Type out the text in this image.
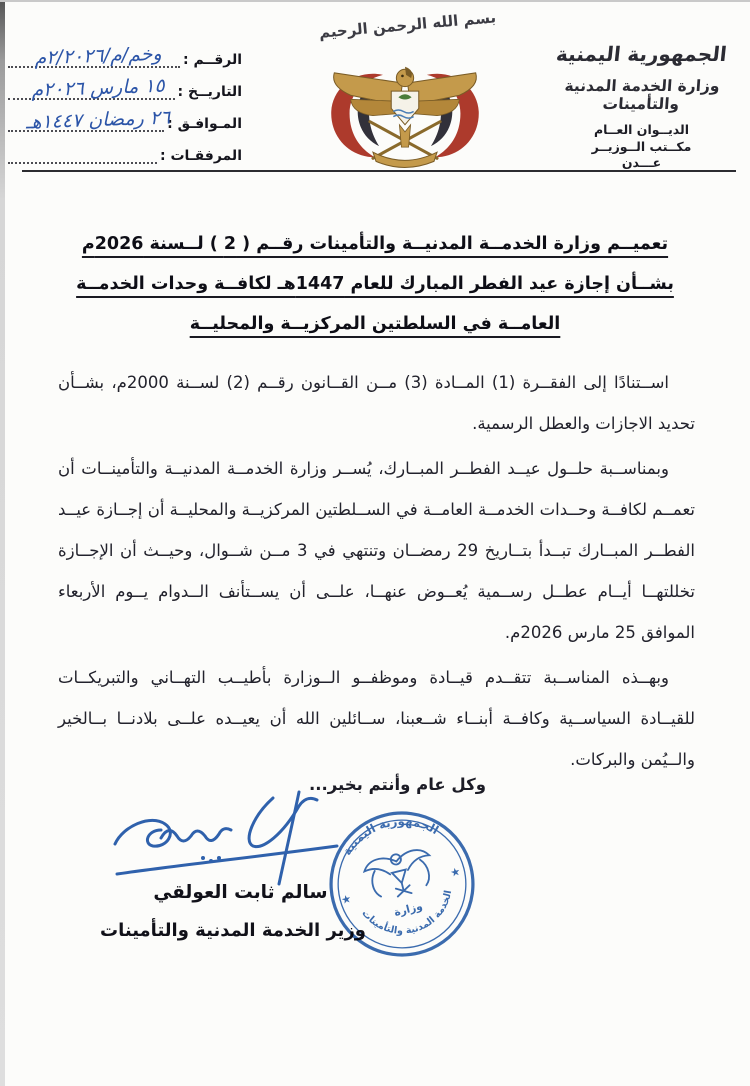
بسم الله الرحمن الرحيم
الجمهورية اليمنية
وزارة الخدمة المدنية والتأمينات
الديــوان العــام
مكــتب الــوزيــر
عـــدن
الرقــم :
وخم/م/٢/٢٠٢٦م
التاريــخ :
١٥ مارس ٢٠٢٦م
المـوافـق :
٢٦ رمضان ١٤٤٧هـ
المرفقـات :
تعميــم وزارة الخدمــة المدنيــة والتأمينات رقــم ( 2 ) لــسنة 2026م
بشــأن إجازة عيد الفطر المبارك للعام 1447هـ لكافــة وحدات الخدمــة
العامــة في السلطتين المركزيــة والمحليــة

اســتنادًا إلى الفقــرة (1) المــادة (3) مــن القــانون رقــم (2) لســنة 2000م، بشــأن تحديد الاجازات والعطل الرسمية.

وبمناســبة حلــول عيــد الفطــر المبــارك، يُســر وزارة الخدمــة المدنيــة والتأمينــات أن تعمــم لكافــة وحــدات الخدمــة العامــة في الســلطتين المركزيــة والمحليــة أن إجــازة عيــد الفطــر المبــارك تبــدأ بتــاريخ 29 رمضــان وتنتهي في 3 مــن شــوال، وحيــث أن الإجــازة تخللتهــا أيــام عطــل رســمية يُعــوض عنهــا، علــى أن يســتأنف الــدوام يــوم الأربعاء الموافق 25 مارس 2026م.

وبهــذه المناســبة تتقــدم قيــادة وموظفــو الــوزارة بأطيــب التهــاني والتبريكــات للقيــادة السياســية وكافــة أبنــاء شــعبنا، ســائلين الله أن يعيــده علــى بلادنــا بــالخير والــيُمن والبركات.

وكل عام وأنتم بخير...
سالم ثابت العولقي
وزير الخدمة المدنية والتأمينات
الجمهورية اليمنية
الخدمة المدنية والتأمينات
وزارة
★
★
